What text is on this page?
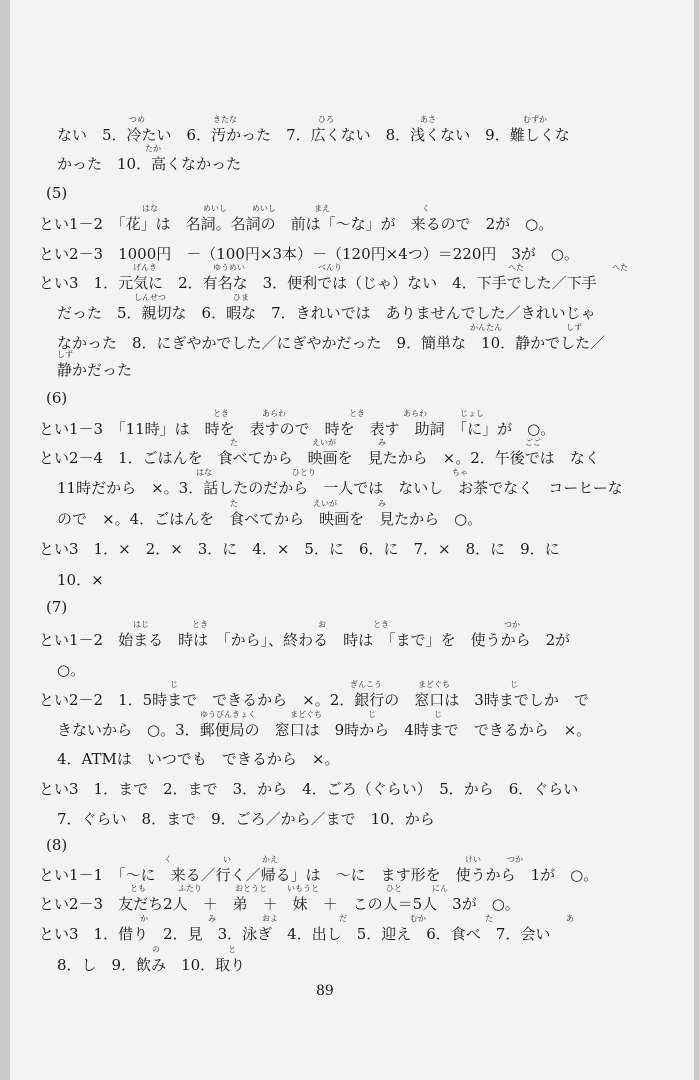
ない　5．冷たい　6．汚かった　7．広くない　8．浅くない　9．難しくな
つめ	きたな	ひろ	あさ	むずか
かった　10．高くなかった
たか
(5)
とい1－2　「花」は　名詞。名詞の　前は「～な」が　来るので　2が　○。
はな	めいし	めいし	まえ	く
とい2－3　1000円　－（100円×3本）－（120円×4つ）＝220円　3が　○。
とい3　1．元気に　2．有名な　3．便利では（じゃ）ない　4．下手でした／下手
げんき	ゆうめい	べんり	へた	へた
だった　5．親切な　6．暇な　7．きれいでは　ありませんでした／きれいじゃ
しんせつ	ひま
なかった　8．にぎやかでした／にぎやかだった　9．簡単な　10．静かでした／
かんたん	しず
静かだった
しず
(6)
とい1－3　「11時」は　時を　表すので　時を　表す　助詞　「に」が　○。
とき	あらわ	とき	あらわ	じょし
とい2－4　1．ごはんを　食べてから　映画を　見たから　×。2．午後では　なく
た	えいが	み	ごご
11時だから　×。3．話したのだから　一人では　ないし　お茶でなく　コーヒーな
はな	ひとり	ちゃ
ので　×。4．ごはんを　食べてから　映画を　見たから　○。
た	えいが	み
とい3　1．×　2．×　3．に　4．×　5．に　6．に　7．×　8．に　9．に
10．×
(7)
とい1－2　始まる　時は　「から」、終わる　時は　「まで」を　使うから　2が
はじ	とき	お	とき	つか
○。
とい2－2　1．5時まで　できるから　×。2．銀行の　窓口は　3時までしか　で
じ	ぎんこう	まどぐち	じ
きないから　○。3．郵便局の　窓口は　9時から　4時まで　できるから　×。
ゆうびんきょく	まどぐち	じ	じ
4．ATMは　いつでも　できるから　×。
とい3　1．まで　2．まで　3．から　4．ごろ（ぐらい）　5．から　6．ぐらい
7．ぐらい　8．まで　9．ごろ／から／まで　10．から
(8)
とい1－1　「～に　来る／行く／帰る」は　～に　ます形を　使うから　1が　○。
く	い	かえ	けい	つか
とい2－3　友だち2人　＋　弟　＋　妹　＋　この人＝5人　3が　○。
とも	ふたり	おとうと	いもうと	ひと	にん
とい3　1．借り　2．見　3．泳ぎ　4．出し　5．迎え　6．食べ　7．会い
か	み	およ	だ	むか	た	あ
8．し　9．飲み　10．取り
の	と
89
